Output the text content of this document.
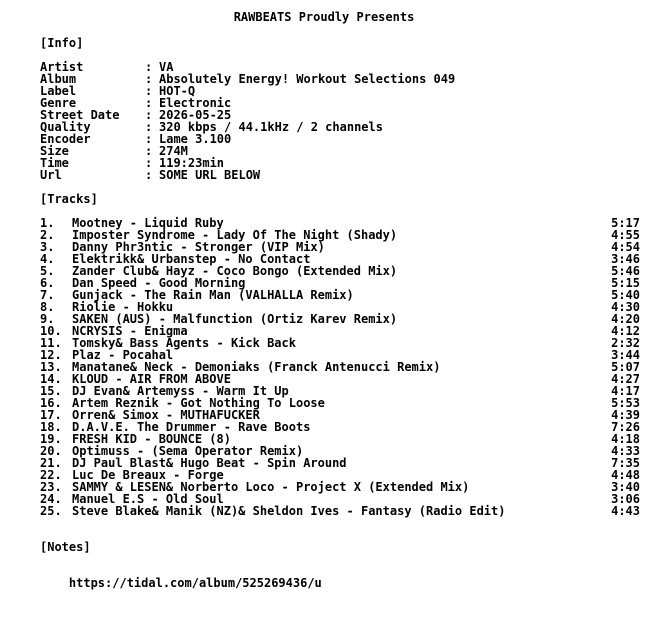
RAWBEATS Proudly Presents
[Info]
Artist	: VA
Album	: Absolutely Energy! Workout Selections 049
Label	: HOT-Q
Genre	: Electronic
Street Date : 2026-05-25
Quality	: 320 kbps / 44.1kHz / 2 channels
Encoder	: Lame 3.100
Size	: 274M
Time	: 119:23min
Url	: SOME URL BELOW
[Tracks]
1. Mootney - Liquid Ruby	5:17
2. Imposter Syndrome - Lady Of The Night (Shady)	4:55
3. Danny Phr3ntic - Stronger (VIP Mix)	4:54
4. Elektrikk& Urbanstep - No Contact	3:46
5. Zander Club& Hayz - Coco Bongo (Extended Mix)	5:46
6. Dan Speed - Good Morning	5:15
7. Gunjack - The Rain Man (VALHALLA Remix)	5:40
8. Riolie - Hokku	4:30
9. SAKEN (AUS) - Malfunction (Ortiz Karev Remix)	4:20
10. NCRYSIS - Enigma	4:12
11. Tomsky& Bass Agents - Kick Back	2:32
12. Plaz - Pocahal	3:44
13. Manatane& Neck - Demoniaks (Franck Antenucci Remix)	5:07
14. KLOUD - AIR FROM ABOVE	4:27
15. DJ Evan& Artemyss - Warm It Up	4:17
16. Artem Reznik - Got Nothing To Loose	5:53
17. Orren& Simox - MUTHAFUCKER	4:39
18. D.A.V.E. The Drummer - Rave Boots	7:26
19. FRESH KID - BOUNCE (8)	4:18
20. Optimuss - (Sema Operator Remix)	4:33
21. DJ Paul Blast& Hugo Beat - Spin Around	7:35
22. Luc De Breaux - Forge	4:48
23. SAMMY & LESEN& Norberto Loco - Project X (Extended Mix)	3:40
24. Manuel E.S - Old Soul	3:06
25. Steve Blake& Manik (NZ)& Sheldon Ives - Fantasy (Radio Edit)	4:43
[Notes]

https://tidal.com/album/525269436/u
